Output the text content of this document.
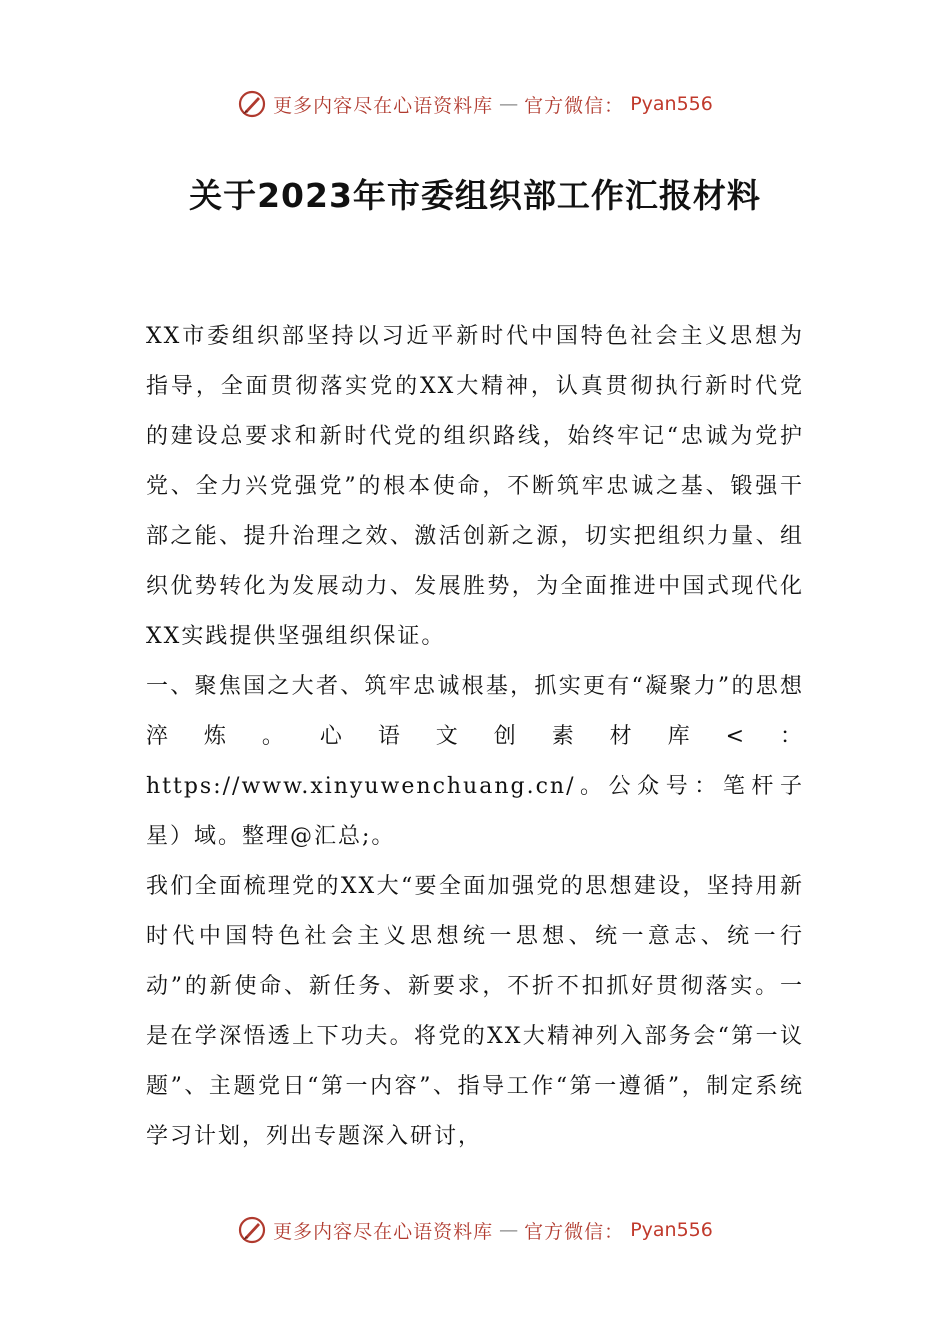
更多内容尽在心语资料库 — 官方微信： Pyan556
关于2023年市委组织部工作汇报材料

XX市委组织部坚持以习近平新时代中国特色社会主义思想为指导，全面贯彻落实党的XX大精神，认真贯彻执行新时代党的建设总要求和新时代党的组织路线，始终牢记“忠诚为党护党、全力兴党强党”的根本使命，不断筑牢忠诚之基、锻强干部之能、提升治理之效、激活创新之源，切实把组织力量、组织优势转化为发展动力、发展胜势，为全面推进中国式现代化XX实践提供坚强组织保证。

一、聚焦国之大者、筑牢忠诚根基，抓实更有“凝聚力”的思想淬炼。心语文创素材库<：https://www.xinyuwenchuang.cn/。公众号：笔杆子星）域。整理@汇总;。

我们全面梳理党的XX大“要全面加强党的思想建设，坚持用新时代中国特色社会主义思想统一思想、统一意志、统一行动”的新使命、新任务、新要求，不折不扣抓好贯彻落实。一是在学深悟透上下功夫。将党的XX大精神列入部务会“第一议题”、主题党日“第一内容”、指导工作“第一遵循”，制定系统学习计划，列出专题深入研讨，

更多内容尽在心语资料库 — 官方微信： Pyan556
